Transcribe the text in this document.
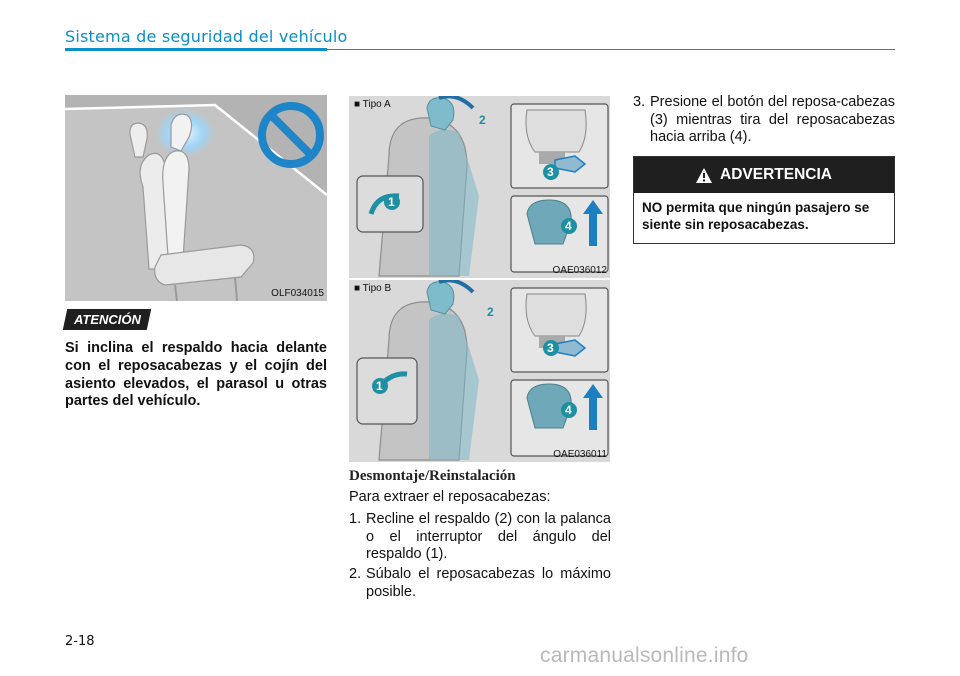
Sistema de seguridad del vehículo
OLF034015
ATENCIÓN
Si inclina el respaldo hacia delante con el reposacabezas y el cojín del asiento elevados, el parasol u otras partes del vehículo.
1
2
3
4
■ Tipo A
OAE036012
1
2
3
4
■ Tipo B
OAE036011
Desmontaje/Reinstalación
Para extraer el reposacabezas:
1. Recline el respaldo (2) con la palanca o el interruptor del ángulo del respaldo (1).
2. Súbalo el reposacabezas lo máximo posible.
3. Presione el botón del reposa-cabezas (3) mientras tira del reposacabezas hacia arriba (4).
ADVERTENCIA
NO permita que ningún pasajero se siente sin reposacabezas.
2-18
carmanualsonline.info
